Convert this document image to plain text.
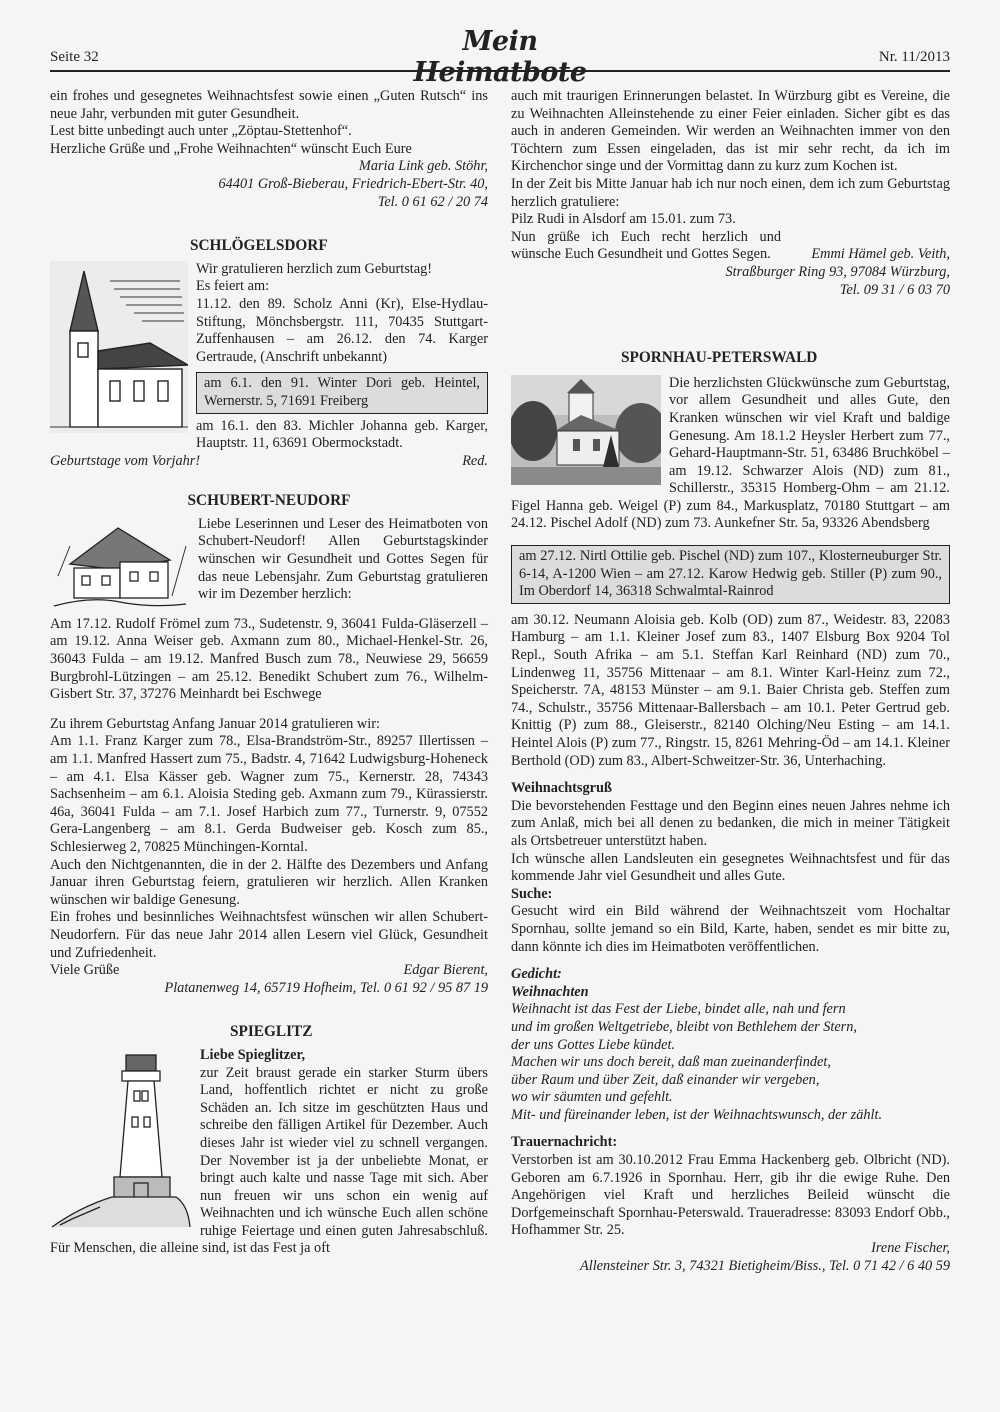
Seite 32	Mein Heimatbote	Nr. 11/2013

ein frohes und gesegnetes Weihnachtsfest sowie einen „Guten Rutsch“ ins neue Jahr, verbunden mit guter Gesundheit.

Lest bitte unbedingt auch unter „Zöptau-Stettenhof“.

Herzliche Grüße und „Frohe Weihnachten“ wünscht Euch Eure

Maria Link geb. Stöhr,

64401 Groß-Bieberau, Friedrich-Ebert-Str. 40,

Tel. 0 61 62 / 20 74

SCHLÖGELSDORF

Wir gratulieren herzlich zum Geburtstag!

Es feiert am:

11.12. den 89. Scholz Anni (Kr), Else-Hydlau-Stiftung, Mönchsbergstr. 111, 70435 Stuttgart-Zuffenhausen – am 26.12. den 74. Karger Gertraude, (Anschrift unbekannt)

am 6.1. den 91. Winter Dori geb. Heintel, Wernerstr. 5, 71691 Freiberg

am 16.1. den 83. Michler Johanna geb. Karger, Hauptstr. 11, 63691 Obermockstadt.

Geburtstage vom Vorjahr!	Red.
SCHUBERT-NEUDORF

Liebe Leserinnen und Leser des Heimatboten von Schubert-Neudorf! Allen Geburtstagskinder wünschen wir Gesundheit und Gottes Segen für das neue Lebensjahr. Zum Geburtstag gratulieren wir im Dezember herzlich:

Am 17.12. Rudolf Frömel zum 73., Sudetenstr. 9, 36041 Fulda-Gläserzell – am 19.12. Anna Weiser geb. Axmann zum 80., Michael-Henkel-Str. 26, 36043 Fulda – am 19.12. Manfred Busch zum 78., Neuwiese 29, 56659 Burgbrohl-Lützingen – am 25.12. Benedikt Schubert zum 76., Wilhelm-Gisbert Str. 37, 37276 Meinhardt bei Eschwege

Zu ihrem Geburtstag Anfang Januar 2014 gratulieren wir:

Am 1.1. Franz Karger zum 78., Elsa-Brandström-Str., 89257 Illertissen – am 1.1. Manfred Hassert zum 75., Badstr. 4, 71642 Ludwigsburg-Hoheneck – am 4.1. Elsa Kässer geb. Wagner zum 75., Kernerstr. 28, 74343 Sachsenheim – am 6.1. Aloisia Steding geb. Axmann zum 79., Kürassierstr. 46a, 36041 Fulda – am 7.1. Josef Harbich zum 77., Turnerstr. 9, 07552 Gera-Langenberg – am 8.1. Gerda Budweiser geb. Kosch zum 85., Schlesierweg 2, 70825 Münchingen-Korntal.

Auch den Nichtgenannten, die in der 2. Hälfte des Dezembers und Anfang Januar ihren Geburtstag feiern, gratulieren wir herzlich. Allen Kranken wünschen wir baldige Genesung.

Ein frohes und besinnliches Weihnachtsfest wünschen wir allen Schubert-Neudorfern. Für das neue Jahr 2014 allen Lesern viel Glück, Gesundheit und Zufriedenheit.

Viele Grüße	Edgar Bierent,

Platanenweg 14, 65719 Hofheim, Tel. 0 61 92 / 95 87 19

SPIEGLITZ

Liebe Spieglitzer,

zur Zeit braust gerade ein starker Sturm übers Land, hoffentlich richtet er nicht zu große Schäden an. Ich sitze im geschützten Haus und schreibe den fälligen Artikel für Dezember. Auch dieses Jahr ist wieder viel zu schnell vergangen. Der November ist ja der unbeliebte Monat, er bringt auch kalte und nasse Tage mit sich. Aber nun freuen wir uns schon ein wenig auf Weihnachten und ich wünsche Euch allen schöne ruhige Feiertage und einen guten Jahresabschluß. Für Menschen, die alleine sind, ist das Fest ja oft

auch mit traurigen Erinnerungen belastet. In Würzburg gibt es Vereine, die zu Weihnachten Alleinstehende zu einer Feier einladen. Sicher gibt es das auch in anderen Gemeinden. Wir werden an Weihnachten immer von den Töchtern zum Essen eingeladen, das ist mir sehr recht, da ich im Kirchenchor singe und der Vormittag dann zu kurz zum Kochen ist.

In der Zeit bis Mitte Januar hab ich nur noch einen, dem ich zum Geburtstag herzlich gratuliere:

Pilz Rudi in Alsdorf am 15.01. zum 73.

Nun grüße ich Euch recht herzlich und wünsche Euch Gesundheit und Gottes Segen.	Emmi Hämel geb. Veith,

Straßburger Ring 93, 97084 Würzburg,

Tel. 09 31 / 6 03 70

SPORNHAU-PETERSWALD

Die herzlichsten Glückwünsche zum Geburtstag, vor allem Gesundheit und alles Gute, den Kranken wünschen wir viel Kraft und baldige Genesung. Am 18.1.2 Heysler Herbert zum 77., Gehard-Hauptmann-Str. 51, 63486 Bruchköbel – am 19.12. Schwarzer Alois (ND) zum 81., Schillerstr., 35315 Homberg-Ohm – am 21.12. Figel Hanna geb. Weigel (P) zum 84., Markusplatz, 70180 Stuttgart – am 24.12. Pischel Adolf (ND) zum 73. Aunkefner Str. 5a, 93326 Abendsberg

am 27.12. Nirtl Ottilie geb. Pischel (ND) zum 107., Klosterneuburger Str. 6-14, A-1200 Wien – am 27.12. Karow Hedwig geb. Stiller (P) zum 90., Im Oberdorf 14, 36318 Schwalmtal-Rainrod

am 30.12. Neumann Aloisia geb. Kolb (OD) zum 87., Weidestr. 83, 22083 Hamburg – am 1.1. Kleiner Josef zum 83., 1407 Elsburg Box 9204 Tol Repl., South Afrika – am 5.1. Steffan Karl Reinhard (ND) zum 70., Lindenweg 11, 35756 Mittenaar – am 8.1. Winter Karl-Heinz zum 72., Speicherstr. 7A, 48153 Münster – am 9.1. Baier Christa geb. Steffen zum 74., Schulstr., 35756 Mittenaar-Ballersbach – am 10.1. Peter Gertrud geb. Knittig (P) zum 88., Gleiserstr., 82140 Olching/Neu Esting – am 14.1. Heintel Alois (P) zum 77., Ringstr. 15, 8261 Mehring-Öd – am 14.1. Kleiner Berthold (OD) zum 83., Albert-Schweitzer-Str. 36, Unterhaching.

Weihnachtsgruß

Die bevorstehenden Festtage und den Beginn eines neuen Jahres nehme ich zum Anlaß, mich bei all denen zu bedanken, die mich in meiner Tätigkeit als Ortsbetreuer unterstützt haben.

Ich wünsche allen Landsleuten ein gesegnetes Weihnachtsfest und für das kommende Jahr viel Gesundheit und alles Gute.

Suche:

Gesucht wird ein Bild während der Weihnachtszeit vom Hochaltar Spornhau, sollte jemand so ein Bild, Karte, haben, sendet es mir bitte zu, dann könnte ich dies im Heimatboten veröffentlichen.

Gedicht:

Weihnachten

Weihnacht ist das Fest der Liebe, bindet alle, nah und fern

und im großen Weltgetriebe, bleibt von Bethlehem der Stern,

der uns Gottes Liebe kündet.

Machen wir uns doch bereit, daß man zueinanderfindet,

über Raum und über Zeit, daß einander wir vergeben,

wo wir säumten und gefehlt.

Mit- und füreinander leben, ist der Weihnachtswunsch, der zählt.

Trauernachricht:

Verstorben ist am 30.10.2012 Frau Emma Hackenberg geb. Olbricht (ND). Geboren am 6.7.1926 in Spornhau. Herr, gib ihr die ewige Ruhe. Den Angehörigen viel Kraft und herzliches Beileid wünscht die Dorfgemeinschaft Spornhau-Peterswald. Traueradresse: 83093 Endorf Obb., Hofhammer Str. 25.

Irene Fischer,

Allensteiner Str. 3, 74321 Bietigheim/Biss., Tel. 0 71 42 / 6 40 59
